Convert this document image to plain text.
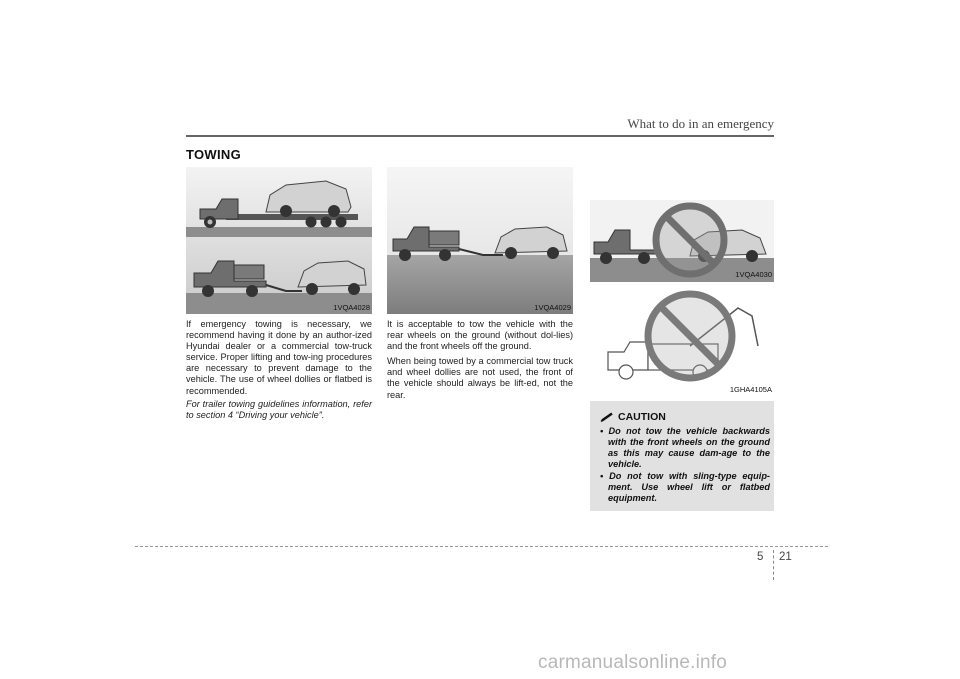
What to do in an emergency
TOWING
1VQA4028	1VQA4029
1VQA4030
1GHA4105A

If emergency towing is necessary, we recommend having it done by an author-ized Hyundai dealer or a commercial tow-truck service. Proper lifting and tow-ing procedures are necessary to prevent damage to the vehicle. The use of wheel dollies or flatbed is recommended.

For trailer towing guidelines information, refer to section 4 “Driving your vehicle”.

It is acceptable to tow the vehicle with the rear wheels on the ground (without dol-lies) and the front wheels off the ground.

When being towed by a commercial tow truck and wheel dollies are not used, the front of the vehicle should always be lift-ed, not the rear.

CAUTION
• Do not tow the vehicle backwards with the front wheels on the ground as this may cause dam-age to the vehicle.
• Do not tow with sling-type equip-ment. Use wheel lift or flatbed equipment.
5 21
carmanualsonline.info
